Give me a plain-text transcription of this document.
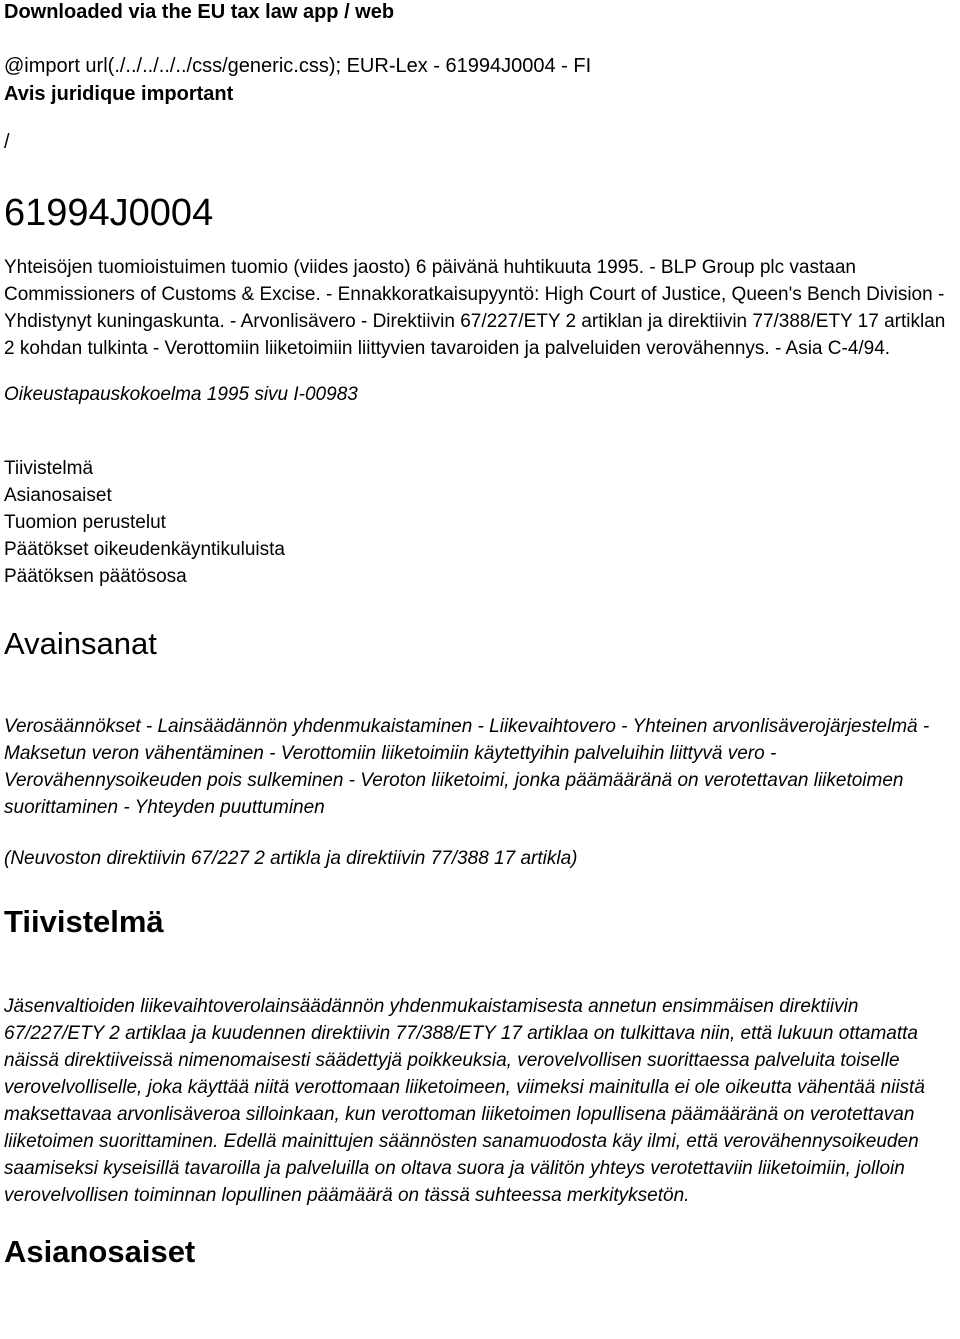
Downloaded via the EU tax law app / web
@import url(./../../../../css/generic.css); EUR-Lex - 61994J0004 - FI
Avis juridique important
/
61994J0004
Yhteisöjen tuomioistuimen tuomio (viides jaosto) 6 päivänä huhtikuuta 1995. - BLP Group plc vastaan Commissioners of Customs & Excise. - Ennakkoratkaisupyyntö: High Court of Justice, Queen's Bench Division - Yhdistynyt kuningaskunta. - Arvonlisävero - Direktiivin 67/227/ETY 2 artiklan ja direktiivin 77/388/ETY 17 artiklan 2 kohdan tulkinta - Verottomiin liiketoimiin liittyvien tavaroiden ja palveluiden verovähennys. - Asia C-4/94.
Oikeustapauskokoelma 1995 sivu I-00983
Tiivistelmä
Asianosaiset
Tuomion perustelut
Päätökset oikeudenkäyntikuluista
Päätöksen päätösosa
Avainsanat
Verosäännökset - Lainsäädännön yhdenmukaistaminen - Liikevaihtovero - Yhteinen arvonlisäverojärjestelmä - Maksetun veron vähentäminen - Verottomiin liiketoimiin käytettyihin palveluihin liittyvä vero - Verovähennysoikeuden pois sulkeminen - Veroton liiketoimi, jonka päämääränä on verotettavan liiketoimen suorittaminen - Yhteyden puuttuminen
(Neuvoston direktiivin 67/227 2 artikla ja direktiivin 77/388 17 artikla)
Tiivistelmä
Jäsenvaltioiden liikevaihtoverolainsäädännön yhdenmukaistamisesta annetun ensimmäisen direktiivin 67/227/ETY 2 artiklaa ja kuudennen direktiivin 77/388/ETY 17 artiklaa on tulkittava niin, että lukuun ottamatta näissä direktiiveissä nimenomaisesti säädettyjä poikkeuksia, verovelvollisen suorittaessa palveluita toiselle verovelvolliselle, joka käyttää niitä verottomaan liiketoimeen, viimeksi mainitulla ei ole oikeutta vähentää niistä maksettavaa arvonlisäveroa silloinkaan, kun verottoman liiketoimen lopullisena päämääränä on verotettavan liiketoimen suorittaminen. Edellä mainittujen säännösten sanamuodosta käy ilmi, että verovähennysoikeuden saamiseksi kyseisillä tavaroilla ja palveluilla on oltava suora ja välitön yhteys verotettaviin liiketoimiin, jolloin verovelvollisen toiminnan lopullinen päämäärä on tässä suhteessa merkityksetön.
Asianosaiset
